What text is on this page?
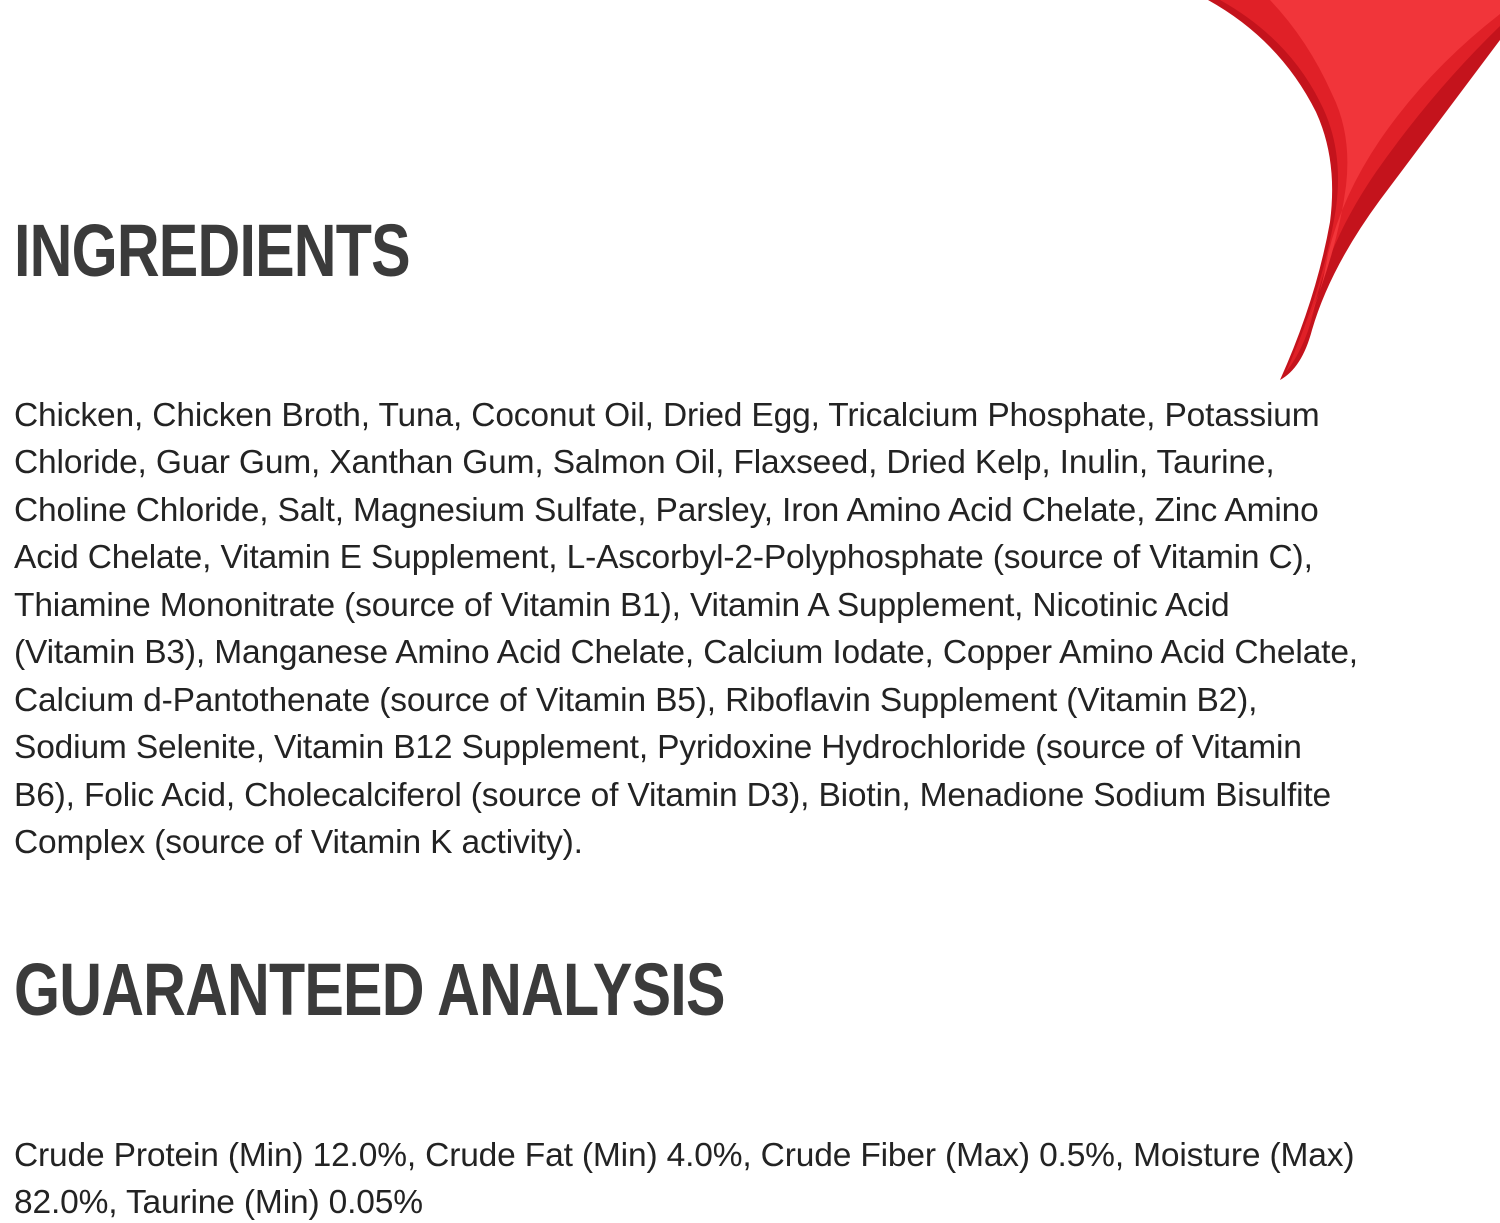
INGREDIENTS

Chicken, Chicken Broth, Tuna, Coconut Oil, Dried Egg, Tricalcium Phosphate, Potassium Chloride, Guar Gum, Xanthan Gum, Salmon Oil, Flaxseed, Dried Kelp, Inulin, Taurine, Choline Chloride, Salt, Magnesium Sulfate, Parsley, Iron Amino Acid Chelate, Zinc Amino Acid Chelate, Vitamin E Supplement, L-Ascorbyl-2-Polyphosphate (source of Vitamin C), Thiamine Mononitrate (source of Vitamin B1), Vitamin A Supplement, Nicotinic Acid (Vitamin B3), Manganese Amino Acid Chelate, Calcium Iodate, Copper Amino Acid Chelate, Calcium d-Pantothenate (source of Vitamin B5), Riboflavin Supplement (Vitamin B2), Sodium Selenite, Vitamin B12 Supplement, Pyridoxine Hydrochloride (source of Vitamin B6), Folic Acid, Cholecalciferol (source of Vitamin D3), Biotin, Menadione Sodium Bisulfite Complex (source of Vitamin K activity).

GUARANTEED ANALYSIS

Crude Protein (Min) 12.0%, Crude Fat (Min) 4.0%, Crude Fiber (Max) 0.5%, Moisture (Max) 82.0%, Taurine (Min) 0.05%
